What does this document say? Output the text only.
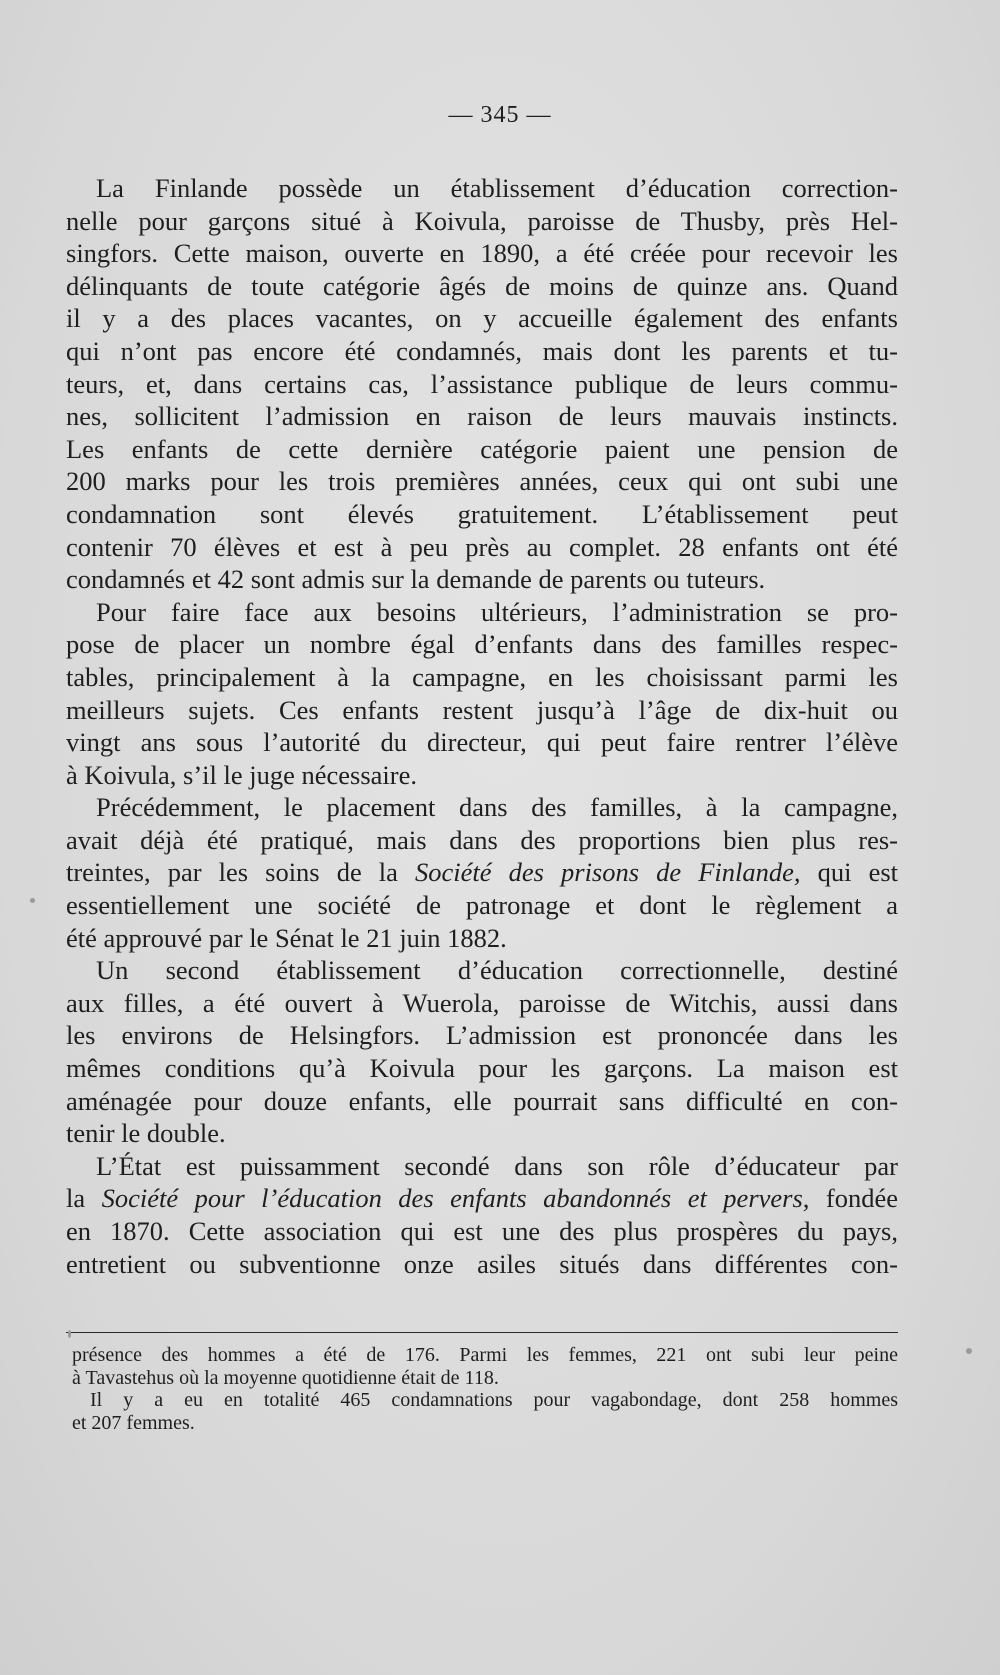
— 345 —
La Finlande possède un établissement d’éducation correction-
nelle pour garçons situé à Koivula, paroisse de Thusby, près Hel-
singfors. Cette maison, ouverte en 1890, a été créée pour recevoir les
délinquants de toute catégorie âgés de moins de quinze ans. Quand
il y a des places vacantes, on y accueille également des enfants
qui n’ont pas encore été condamnés, mais dont les parents et tu-
teurs, et, dans certains cas, l’assistance publique de leurs commu-
nes, sollicitent l’admission en raison de leurs mauvais instincts.
Les enfants de cette dernière catégorie paient une pension de
200 marks pour les trois premières années, ceux qui ont subi une
condamnation sont élevés gratuitement. L’établissement peut
contenir 70 élèves et est à peu près au complet. 28 enfants ont été
condamnés et 42 sont admis sur la demande de parents ou tuteurs.
Pour faire face aux besoins ultérieurs, l’administration se pro-
pose de placer un nombre égal d’enfants dans des familles respec-
tables, principalement à la campagne, en les choisissant parmi les
meilleurs sujets. Ces enfants restent jusqu’à l’âge de dix-huit ou
vingt ans sous l’autorité du directeur, qui peut faire rentrer l’élève
à Koivula, s’il le juge nécessaire.
Précédemment, le placement dans des familles, à la campagne,
avait déjà été pratiqué, mais dans des proportions bien plus res-
treintes, par les soins de la Société des prisons de Finlande, qui est
essentiellement une société de patronage et dont le règlement a
été approuvé par le Sénat le 21 juin 1882.
Un second établissement d’éducation correctionnelle, destiné
aux filles, a été ouvert à Wuerola, paroisse de Witchis, aussi dans
les environs de Helsingfors. L’admission est prononcée dans les
mêmes conditions qu’à Koivula pour les garçons. La maison est
aménagée pour douze enfants, elle pourrait sans difficulté en con-
tenir le double.
L’État est puissamment secondé dans son rôle d’éducateur par
la Société pour l’éducation des enfants abandonnés et pervers, fondée
en 1870. Cette association qui est une des plus prospères du pays,
entretient ou subventionne onze asiles situés dans différentes con-
présence des hommes a été de 176. Parmi les femmes, 221 ont subi leur peine
à Tavastehus où la moyenne quotidienne était de 118.
Il y a eu en totalité 465 condamnations pour vagabondage, dont 258 hommes
et 207 femmes.
